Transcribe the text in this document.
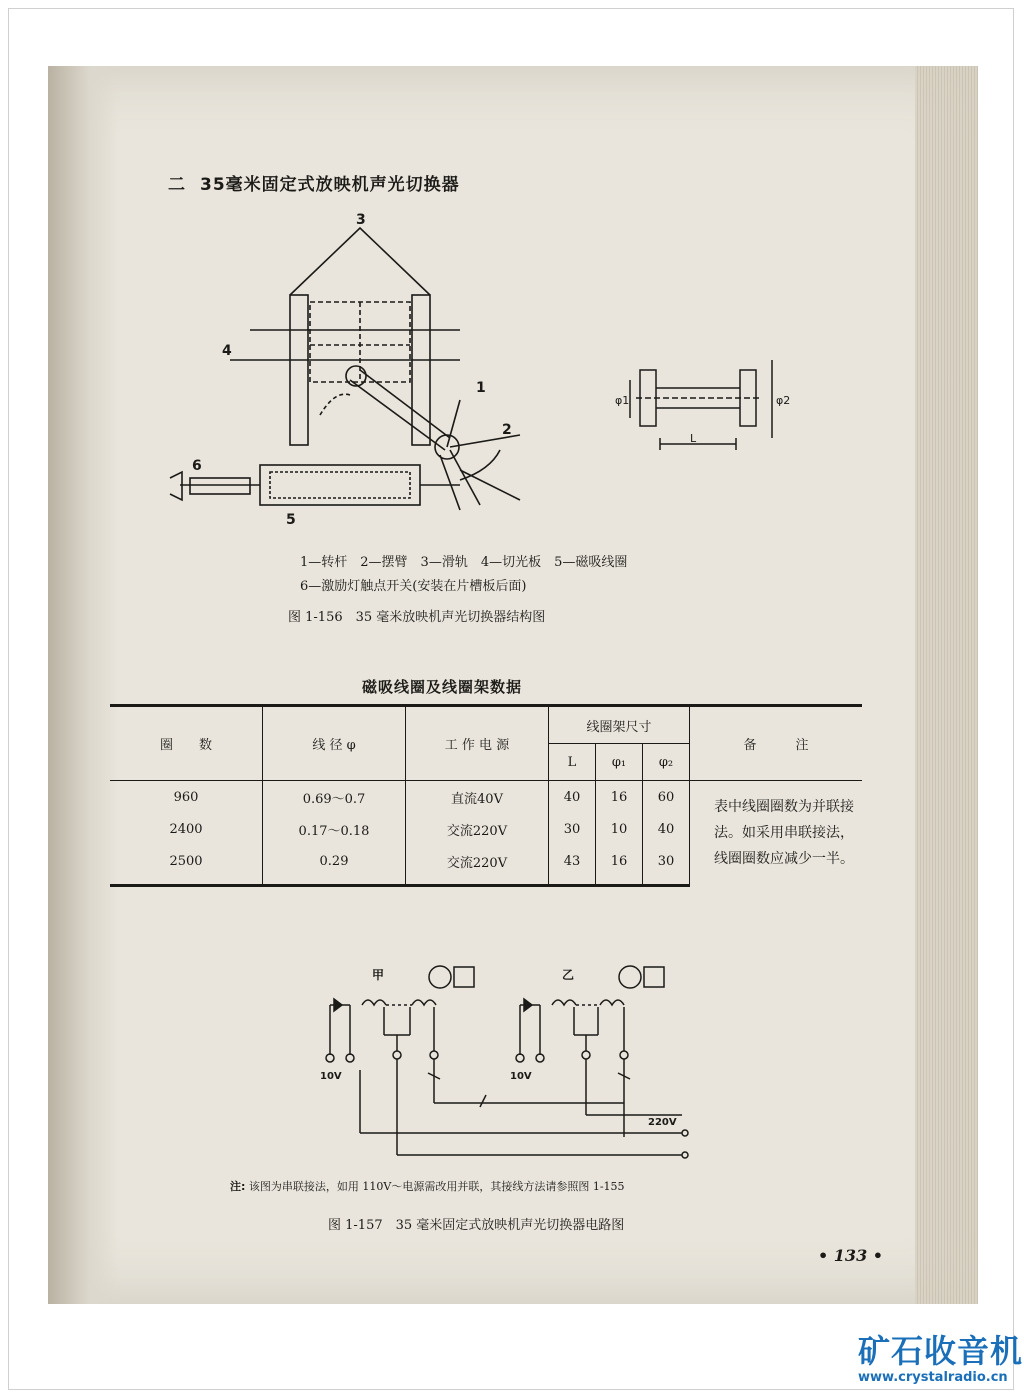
二 35毫米固定式放映机声光切换器
3
4
1
2
6
5
φ1	φ2
L
1—转杆　2—摆臂　3—滑轨　4—切光板　5—磁吸线圈
6—激励灯触点开关(安装在片槽板后面)
图 1-156　35 毫米放映机声光切换器结构图
磁吸线圈及线圈架数据
圈　　数	线 径 φ	工 作 电 源	线圈架尺寸			备　　　注
			L	φ₁	φ₂	
960	0.69～0.7	直流40V	40	16	60	表中线圈圈数为并联接法。如采用串联接法，线圈圈数应减少一半。
2400	0.17～0.18	交流220V	30	10	40	
2500	0.29	交流220V	43	16	30	
甲	乙
10V	10V
220V
注: 该图为串联接法，如用 110V～电源需改用并联，其接线方法请参照图 1-155
图 1-157　35 毫米固定式放映机声光切换器电路图
• 133 •
矿石收音机
www.crystalradio.cn
